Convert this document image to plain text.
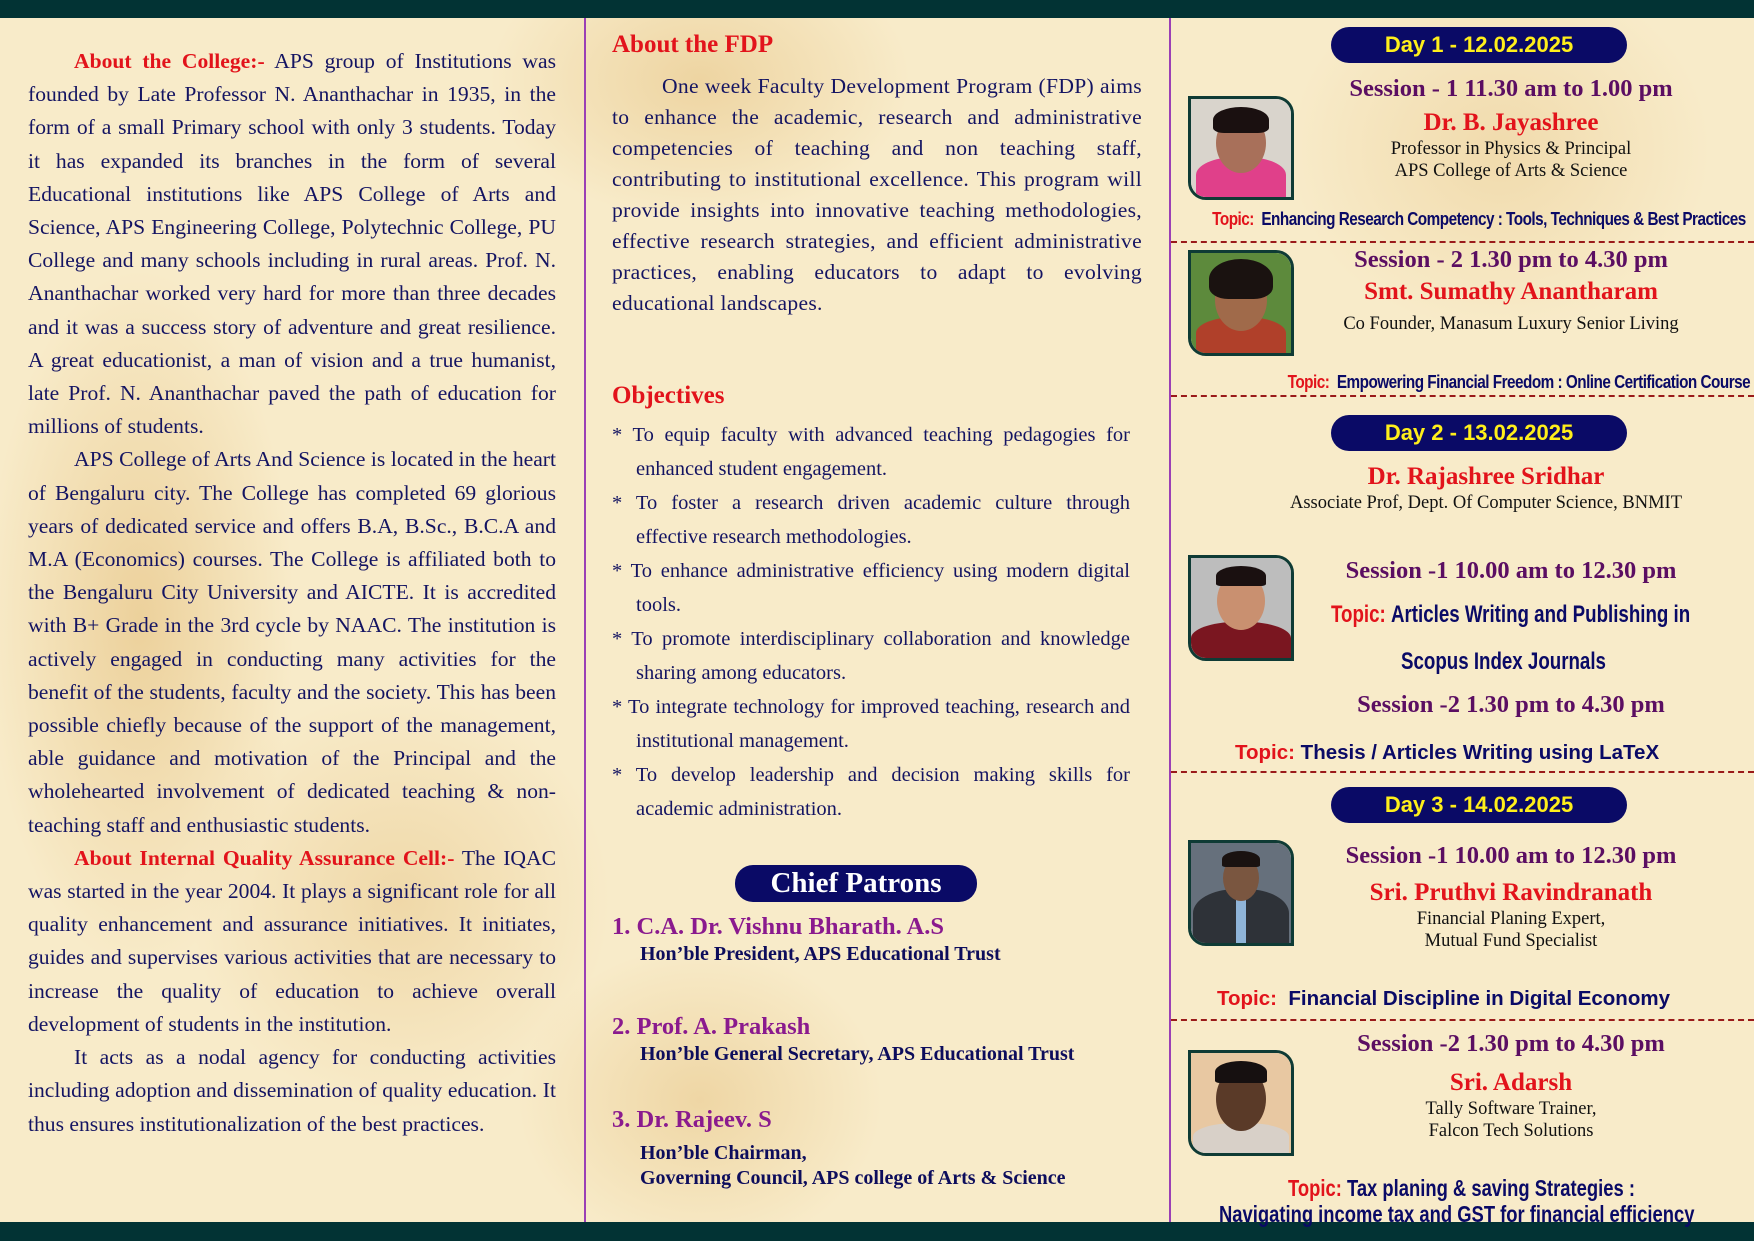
About the College:- APS group of Institutions was founded by Late Professor N. Ananthachar in 1935, in the form of a small Primary school with only 3 students. Today it has expanded its branches in the form of several Educational institutions like APS College of Arts and Science, APS Engineering College, Polytechnic College, PU College and many schools including in rural areas. Prof. N. Ananthachar worked very hard for more than three decades and it was a success story of adventure and great resilience. A great educationist, a man of vision and a true humanist, late Prof. N. Ananthachar paved the path of education for millions of students.

APS College of Arts And Science is located in the heart of Bengaluru city. The College has completed 69 glorious years of dedicated service and offers B.A, B.Sc., B.C.A and M.A (Economics) courses. The College is affiliated both to the Bengaluru City University and AICTE. It is accredited with B+ Grade in the 3rd cycle by NAAC. The institution is actively engaged in conducting many activities for the benefit of the students, faculty and the society. This has been possible chiefly because of the support of the management, able guidance and motivation of the Principal and the wholehearted involvement of dedicated teaching & non-teaching staff and enthusiastic students.

About Internal Quality Assurance Cell:- The IQAC was started in the year 2004. It plays a significant role for all quality enhancement and assurance initiatives. It initiates, guides and supervises various activities that are necessary to increase the quality of education to achieve overall development of students in the institution.

It acts as a nodal agency for conducting activities including adoption and dissemination of quality education. It thus ensures institutionalization of the best practices.

About the FDP

One week Faculty Development Program (FDP) aims to enhance the academic, research and administrative competencies of teaching and non teaching staff, contributing to institutional excellence. This program will provide insights into innovative teaching methodologies, effective research strategies, and efficient administrative practices, enabling educators to adapt to evolving educational landscapes.

Objectives
* To equip faculty with advanced teaching pedagogies for enhanced student engagement.
* To foster a research driven academic culture through effective research methodologies.
* To enhance administrative efficiency using modern digital tools.
* To promote interdisciplinary collaboration and knowledge sharing among educators.
* To integrate technology for improved teaching, research and institutional management.
* To develop leadership and decision making skills for academic administration.
Chief Patrons
1. C.A. Dr. Vishnu Bharath. A.S
Hon’ble President, APS Educational Trust
2. Prof. A. Prakash
Hon’ble General Secretary, APS Educational Trust
3. Dr. Rajeev. S
Hon’ble Chairman,
Governing Council, APS college of Arts & Science
Day 1 - 12.02.2025
Session - 1 11.30 am to 1.00 pm
Dr. B. Jayashree
Professor in Physics & Principal
APS College of Arts & Science
Topic: Enhancing Research Competency : Tools, Techniques & Best Practices
Session - 2 1.30 pm to 4.30 pm
Smt. Sumathy Anantharam
Co Founder, Manasum Luxury Senior Living
Topic: Empowering Financial Freedom : Online Certification Course
Day 2 - 13.02.2025
Dr. Rajashree Sridhar
Associate Prof, Dept. Of Computer Science, BNMIT
Session -1 10.00 am to 12.30 pm
Topic: Articles Writing and Publishing in
Scopus Index Journals
Session -2 1.30 pm to 4.30 pm
Topic: Thesis / Articles Writing using LaTeX
Day 3 - 14.02.2025
Session -1 10.00 am to 12.30 pm
Sri. Pruthvi Ravindranath
Financial Planing Expert,
Mutual Fund Specialist
Topic: Financial Discipline in Digital Economy
Session -2 1.30 pm to 4.30 pm
Sri. Adarsh
Tally Software Trainer,
Falcon Tech Solutions
Topic: Tax planing & saving Strategies :
Navigating income tax and GST for financial efficiency
